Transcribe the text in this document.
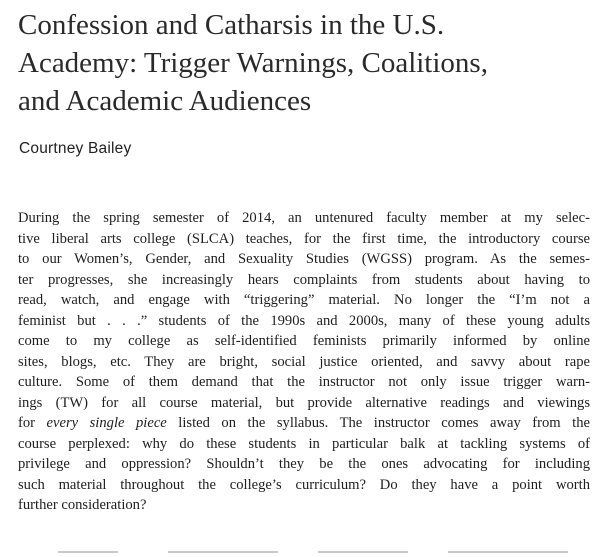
Confession and Catharsis in the U.S.
Academy: Trigger Warnings, Coalitions,
and Academic Audiences

Courtney Bailey

During the spring semester of 2014, an untenured faculty member at my selec-
tive liberal arts college (SLCA) teaches, for the first time, the introductory course
to our Women’s, Gender, and Sexuality Studies (WGSS) program. As the semes-
ter progresses, she increasingly hears complaints from students about having to
read, watch, and engage with “triggering” material. No longer the “I’m not a
feminist but . . .” students of the 1990s and 2000s, many of these young adults
come to my college as self-identified feminists primarily informed by online
sites, blogs, etc. They are bright, social justice oriented, and savvy about rape
culture. Some of them demand that the instructor not only issue trigger warn-
ings (TW) for all course material, but provide alternative readings and viewings
for every single piece listed on the syllabus. The instructor comes away from the
course perplexed: why do these students in particular balk at tackling systems of
privilege and oppression? Shouldn’t they be the ones advocating for including
such material throughout the college’s curriculum? Do they have a point worth
further consideration?
